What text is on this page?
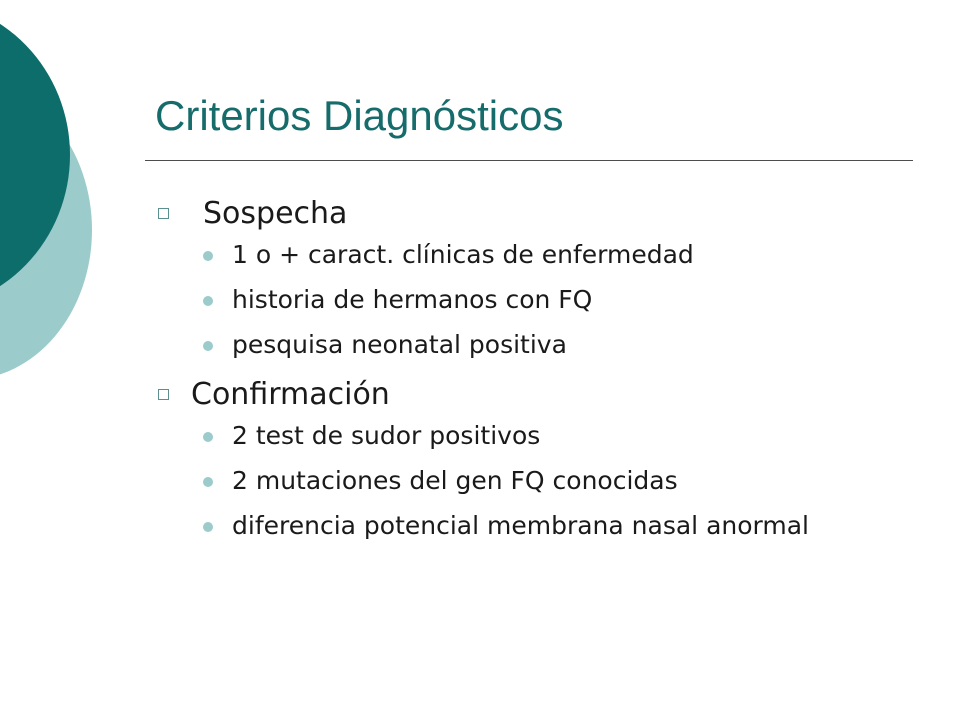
Criterios Diagnósticos
Sospecha
1 o + caract. clínicas de enfermedad
historia de hermanos con FQ
pesquisa neonatal positiva
Confirmación
2 test de sudor positivos
2 mutaciones del gen FQ conocidas
diferencia potencial membrana nasal anormal
